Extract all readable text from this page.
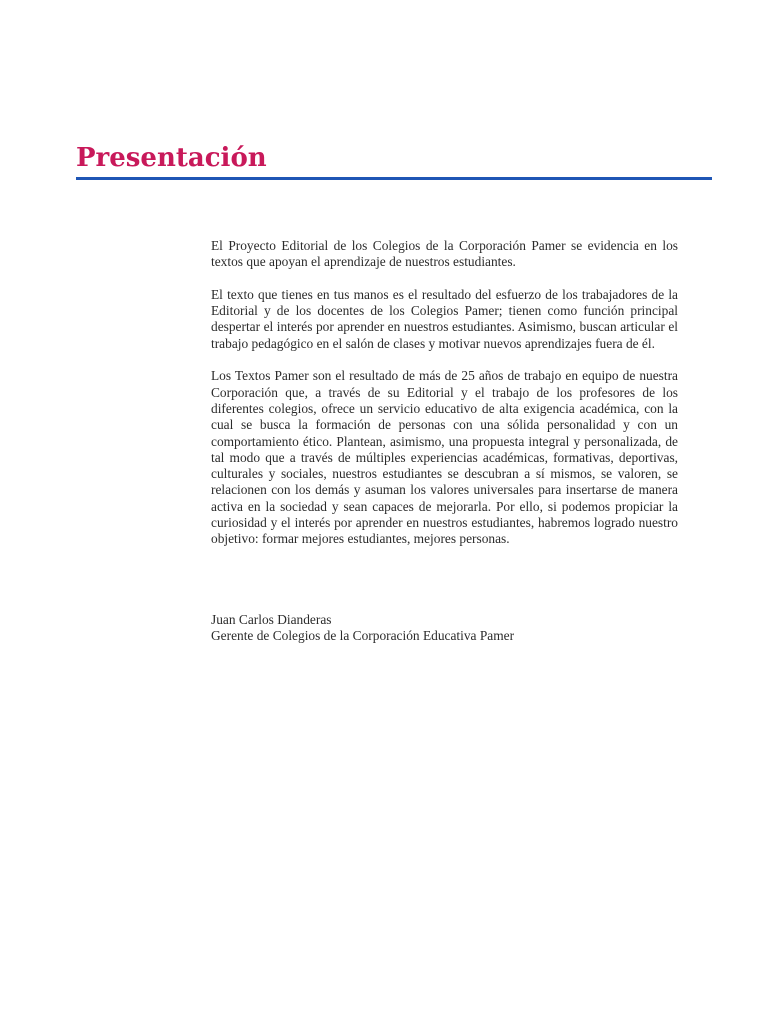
Presentación

El Proyecto Editorial de los Colegios de la Corporación Pamer se evidencia en los textos que apoyan el aprendizaje de nuestros estudiantes.

El texto que tienes en tus manos es el resultado del esfuerzo de los trabajadores de la Editorial y de los docentes de los Colegios Pamer; tienen como función principal despertar el interés por aprender en nuestros estudiantes. Asimismo, buscan articular el trabajo pedagógico en el salón de clases y motivar nuevos aprendizajes fuera de él.

Los Textos Pamer son el resultado de más de 25 años de trabajo en equipo de nuestra Corporación que, a través de su Editorial y el trabajo de los profesores de los diferentes colegios, ofrece un servicio educativo de alta exigencia académica, con la cual se busca la formación de personas con una sólida personalidad y con un comportamiento ético. Plantean, asimismo, una propuesta integral y personalizada, de tal modo que a través de múltiples experiencias académicas, formativas, deportivas, culturales y sociales, nuestros estudiantes se descubran a sí mismos, se valoren, se relacionen con los demás y asuman los valores universales para insertarse de manera activa en la sociedad y sean capaces de mejorarla. Por ello, si podemos propiciar la curiosidad y el interés por aprender en nuestros estudiantes, habremos logrado nuestro objetivo: formar mejores estudiantes, mejores personas.

Juan Carlos Dianderas
Gerente de Colegios de la Corporación Educativa Pamer
